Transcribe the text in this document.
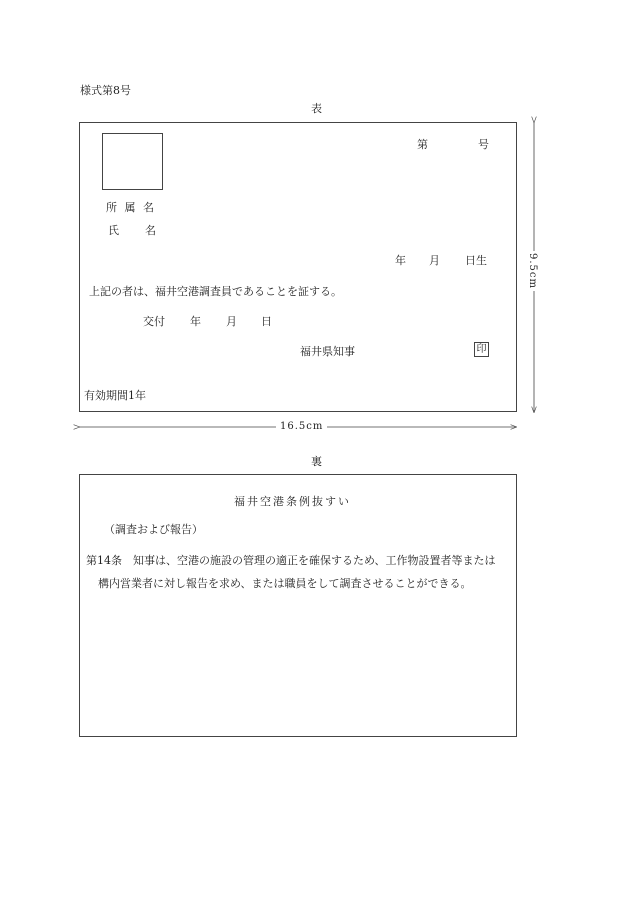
様式第8号
表
第	号
所 属 名
氏 名
年 月 日生
上記の者は、福井空港調査員であることを証する。
交付 年 月 日
福井県知事	印
有効期間1年
9.5cm
16.5cm
裏
福井空港条例抜すい
（調査および報告）
第14条　知事は、空港の施設の管理の適正を確保するため、工作物設置者等または
構内営業者に対し報告を求め、または職員をして調査させることができる。
